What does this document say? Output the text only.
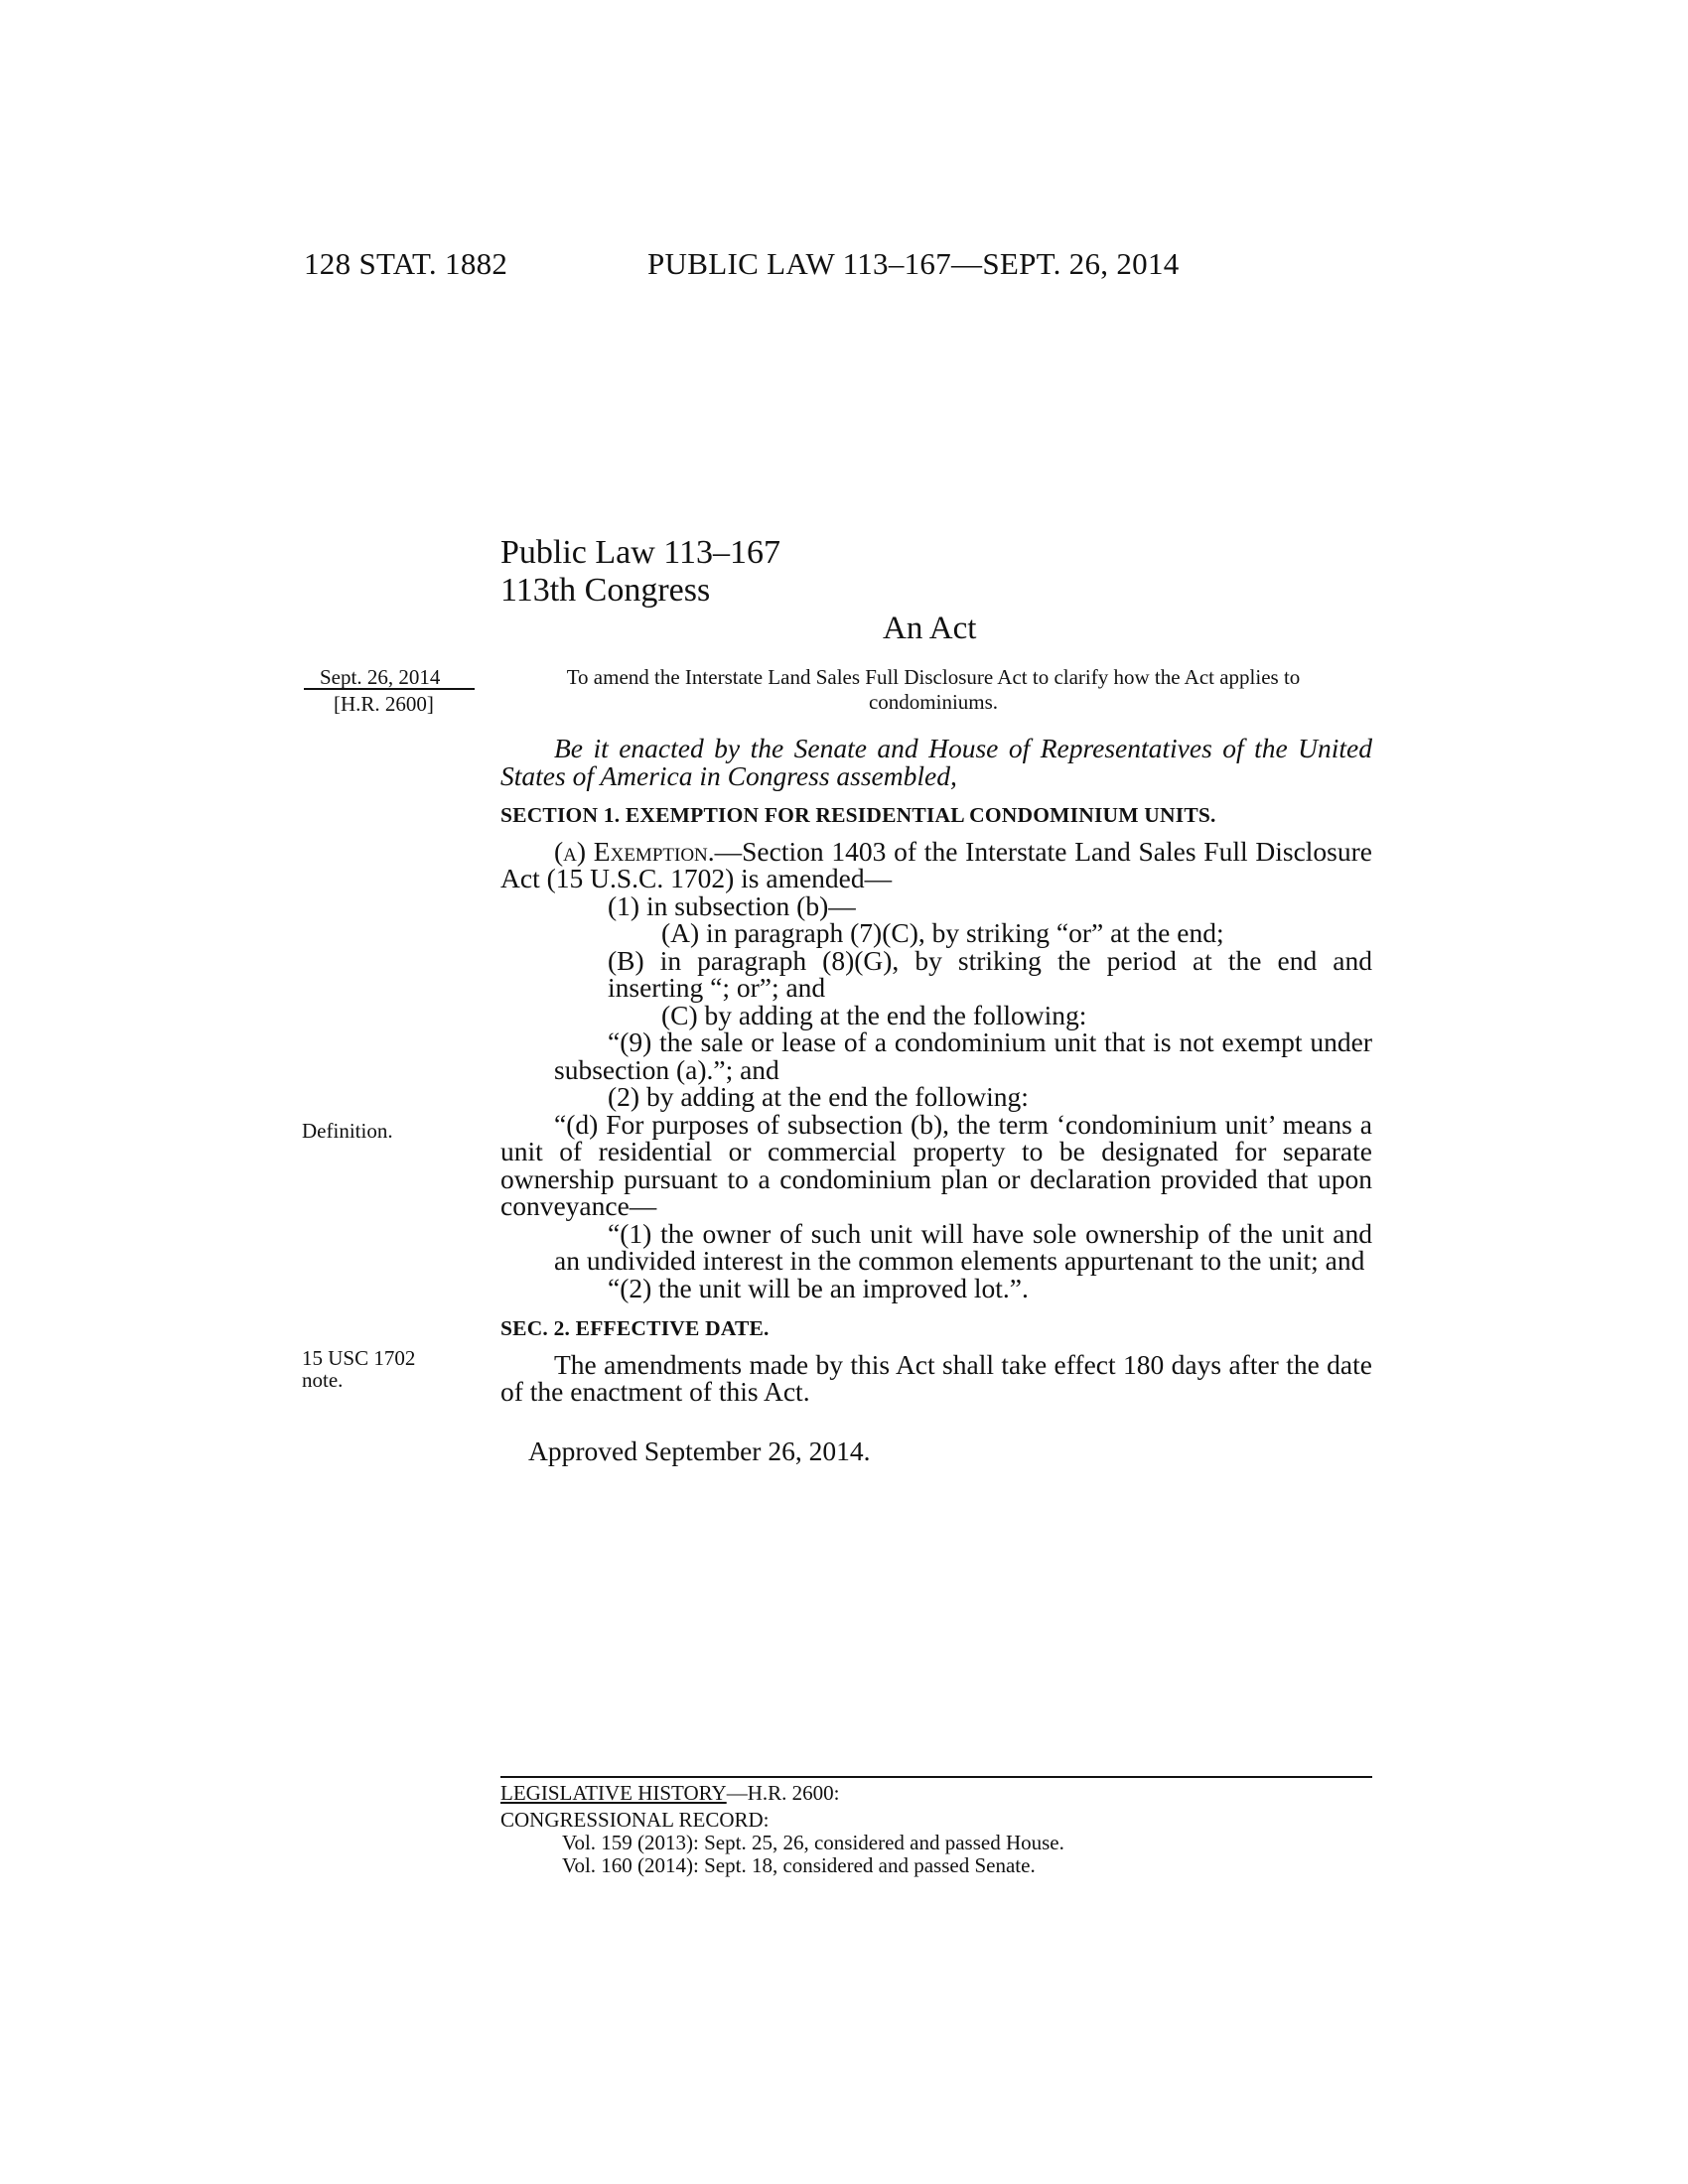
128 STAT. 1882	PUBLIC LAW 113–167—SEPT. 26, 2014
Public Law 113–167
113th Congress
An Act
Sept. 26, 2014
[H.R. 2600]
To amend the Interstate Land Sales Full Disclosure Act to clarify how the Act applies to condominiums.
Definition.
15 USC 1702
note.

Be it enacted by the Senate and House of Representatives of the United States of America in Congress assembled,

SECTION 1. EXEMPTION FOR RESIDENTIAL CONDOMINIUM UNITS.

(a) Exemption.—Section 1403 of the Interstate Land Sales Full Disclosure Act (15 U.S.C. 1702) is amended—

(1) in subsection (b)—

(A) in paragraph (7)(C), by striking “or” at the end;

(B) in paragraph (8)(G), by striking the period at the end and inserting “; or”; and

(C) by adding at the end the following:

“(9) the sale or lease of a condominium unit that is not exempt under subsection (a).”; and

(2) by adding at the end the following:

“(d) For purposes of subsection (b), the term ‘condominium unit’ means a unit of residential or commercial property to be designated for separate ownership pursuant to a condominium plan or declaration provided that upon conveyance—

“(1) the owner of such unit will have sole ownership of the unit and an undivided interest in the common elements appurtenant to the unit; and

“(2) the unit will be an improved lot.”.

SEC. 2. EFFECTIVE DATE.

The amendments made by this Act shall take effect 180 days after the date of the enactment of this Act.

Approved September 26, 2014.

LEGISLATIVE HISTORY—H.R. 2600:
CONGRESSIONAL RECORD:
Vol. 159 (2013): Sept. 25, 26, considered and passed House.
Vol. 160 (2014): Sept. 18, considered and passed Senate.
